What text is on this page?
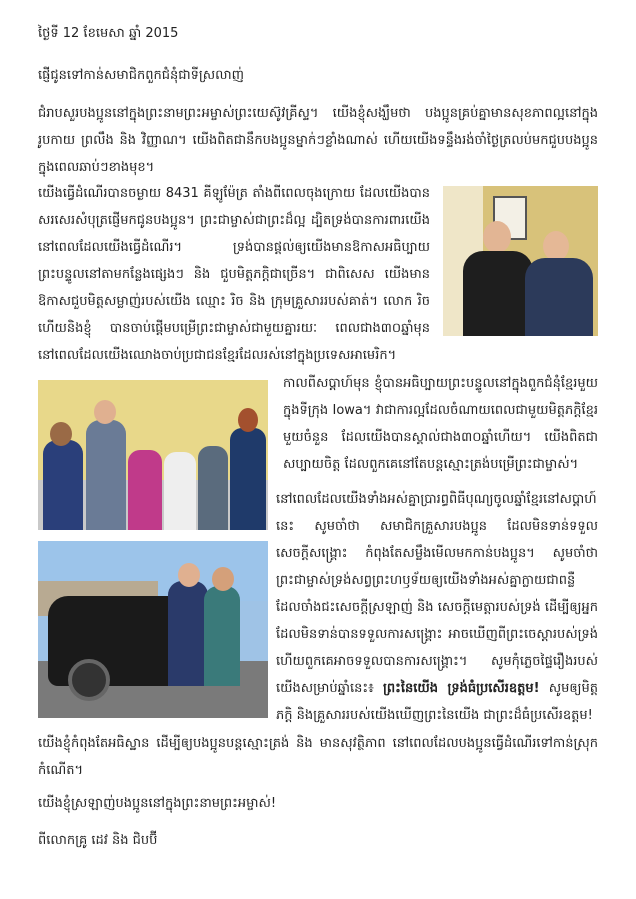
ថ្ងៃទី 12 ខែមេសា ឆ្នាំ 2015

ផ្ញើជូនទៅកាន់សមាជិកពួកជំនុំជាទីស្រលាញ់

ជំរាបសួរបងប្អូននៅក្នុងព្រះនាមព្រះអម្ចាស់ព្រះយេស៊ូវគ្រីស្ទ។ យើងខ្ញុំសង្ឃឹមថា បងប្អូនគ្រប់គ្នាមានសុខភាពល្អនៅក្នុងរូបកាយ ព្រលឹង និង វិញ្ញាណ។ យើងពិតជានឹកបងប្អូនម្នាក់ៗខ្លាំងណាស់ ហើយយើងទន្ទឹងរង់ចាំថ្ងៃត្រលប់មកជួបបងប្អូនក្នុងពេលឆាប់ៗខាងមុខ។

យើងធ្វើដំណើរបានចម្ងាយ 8431 គីឡូម៉ែត្រ តាំងពីពេលចុងក្រោយ ដែលយើងបានសរសេរសំបុត្រផ្ញើមកជូនបងប្អូន។ ព្រះជាម្ចាស់ជាព្រះដ៏ល្អ ដ្បិតទ្រង់បានការពារយើងនៅពេលដែលយើងធ្វើដំណើរ។ ទ្រង់បានផ្តល់ឲ្យយើងមានឱកាសអធិប្បាយព្រះបន្ទូលនៅតាមកន្លែងផ្សេងៗ និង ជួបមិត្តភក្តិជាច្រើន។ ជាពិសេស យើងមានឱកាសជួបមិត្តសម្លាញ់របស់យើង ឈ្មោះ រិច និង ក្រុមគ្រួសាររបស់គាត់។ លោក រិច ហើយនិងខ្ញុំ បានចាប់ផ្តើមបម្រើព្រះជាម្ចាស់ជាមួយគ្នារយៈ ពេលជាង៣០ឆ្នាំមុន នៅពេលដែលយើងឈោងចាប់ប្រជាជនខ្មែរដែលរស់នៅក្នុងប្រទេសអាមេរិក។

កាលពីសប្តាហ៍មុន ខ្ញុំបានអធិប្បាយព្រះបន្ទូលនៅក្នុងពួកជំនុំខ្មែរមួយក្នុងទីក្រុង Iowa។ វាជាការល្អដែលចំណាយពេលជាមួយមិត្តភក្តិខ្មែរមួយចំនួន ដែលយើងបានស្គាល់ជាង៣០ឆ្នាំហើយ។ យើងពិតជាសប្បាយចិត្ត ដែលពួកគេនៅតែបន្តស្មោះត្រង់បម្រើព្រះជាម្ចាស់។

នៅពេលដែលយើងទាំងអស់គ្នាប្រារព្ធពិធីបុណ្យចូលឆ្នាំខ្មែរនៅសប្តាហ៍នេះ សូមចាំថា សមាជិកគ្រួសារបងប្អូន ដែលមិនទាន់ទទួលសេចក្តីសង្គ្រោះ កំពុងតែសម្លឹងមើលមកកាន់បងប្អូន។ សូមចាំថា ព្រះជាម្ចាស់ទ្រង់សព្វព្រះហឫទ័យឲ្យយើងទាំងអស់គ្នាក្លាយជាពន្លឺ ដែលចាំងជះសេចក្តីស្រឡាញ់ និង សេចក្តីមេត្តារបស់ទ្រង់ ដើម្បីឲ្យអ្នកដែលមិនទាន់បានទទួលការសង្គ្រោះ អាចឃើញពីព្រះចេស្តារបស់ទ្រង់ ហើយពួកគេអាចទទួលបានការសង្គ្រោះ។ សូមកុំភ្លេចផ្ទៃរឿងរបស់យើងសម្រាប់ឆ្នាំនេះ៖ ព្រះនៃយើង ទ្រង់ធំប្រសើរឧត្តម! សូមឲ្យមិត្តភក្តិ និងគ្រួសាររបស់យើងឃើញព្រះនៃយើង ជាព្រះដ៏ធំប្រសើរឧត្តម!

យើងខ្ញុំកំពុងតែអធិស្ឋាន ដើម្បីឲ្យបងប្អូនបន្តស្មោះត្រង់ និង មានសុវត្ថិភាព នៅពេលដែលបងប្អូនធ្វើដំណើរទៅកាន់ស្រុកកំណើត។

យើងខ្ញុំស្រឡាញ់បងប្អូននៅក្នុងព្រះនាមព្រះអម្ចាស់!

ពីលោកគ្រូ ដេវ និង ជិបប៊ី
